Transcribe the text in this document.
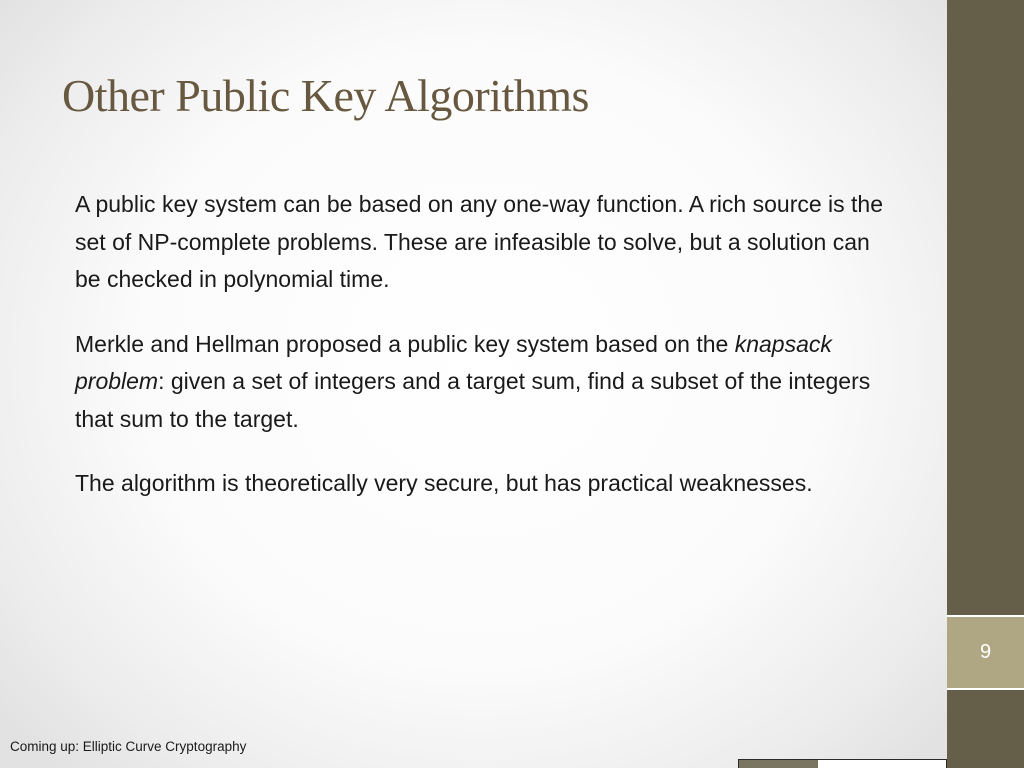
Other Public Key Algorithms

A public key system can be based on any one-way function. A rich source is the set of NP-complete problems. These are infeasible to solve, but a solution can be checked in polynomial time.

Merkle and Hellman proposed a public key system based on the knapsack problem: given a set of integers and a target sum, find a subset of the integers that sum to the target.

The algorithm is theoretically very secure, but has practical weaknesses.

9
Coming up: Elliptic Curve Cryptography
